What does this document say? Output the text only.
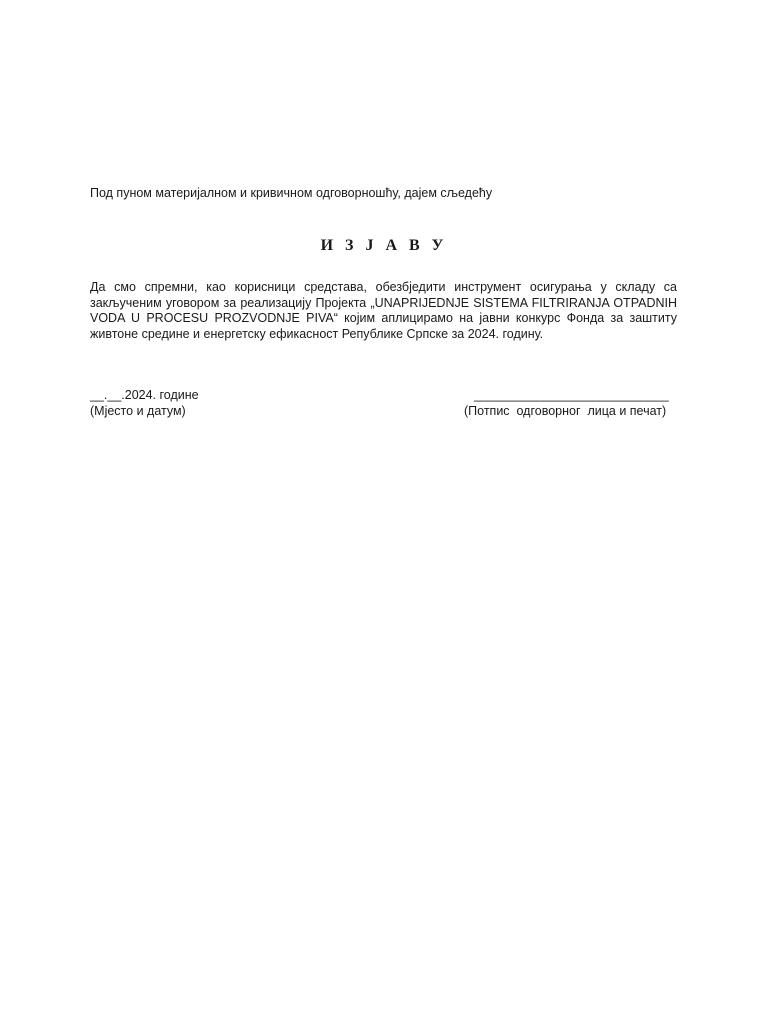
Под пуном материјалном и кривичном одговорношћу, дајем сљедећу
И З Ј А В У
Да смо спремни, као корисници средстава, обезбједити инструмент осигурања у складу са закљученим уговором за реализацију Пројекта „UNAPRIJEDNJE SISTEMA FILTRIRANJA OTPADNIH VODA U PROCESU PROZVODNJE PIVA“ којим аплицирамо на јавни конкурс Фонда за заштиту живтоне средине и енергетску ефикасност Републике Српске за 2024. годину.
__.__.2024. године
(Мјесто и датум)
____________________________
(Потпис  одговорног  лица и печат)
